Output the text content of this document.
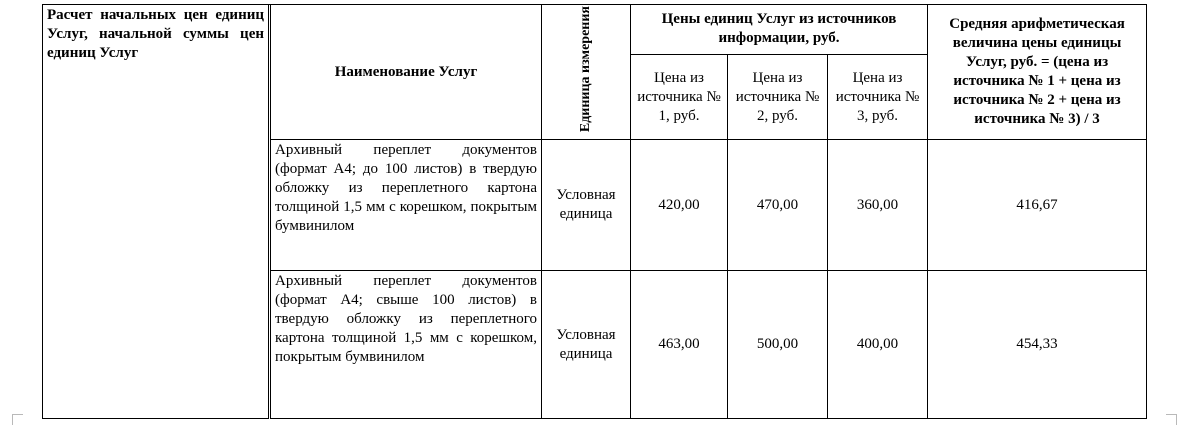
Расчет начальных цен единиц Услуг, начальной суммы цен единиц Услуг	Наименование Услуг	Единица измерения	Цены единиц Услуг из источников информации, руб.			Средняя арифметическая величина цены единицы Услуг, руб. = (цена из источника № 1 + цена из источника № 2 + цена из источника № 3) / 3
			Цена из источника № 1, руб.	Цена из источника № 2, руб.	Цена из источника № 3, руб.	
	Архивный переплет документов (формат А4; до 100 листов) в твердую обложку из переплетного картона толщиной 1,5 мм с корешком, покрытым бумвинилом	Условная единица	420,00	470,00	360,00	416,67
	Архивный переплет документов (формат А4; свыше 100 листов) в твердую обложку из переплетного картона толщиной 1,5 мм с корешком, покрытым бумвинилом	Условная единица	463,00	500,00	400,00	454,33
